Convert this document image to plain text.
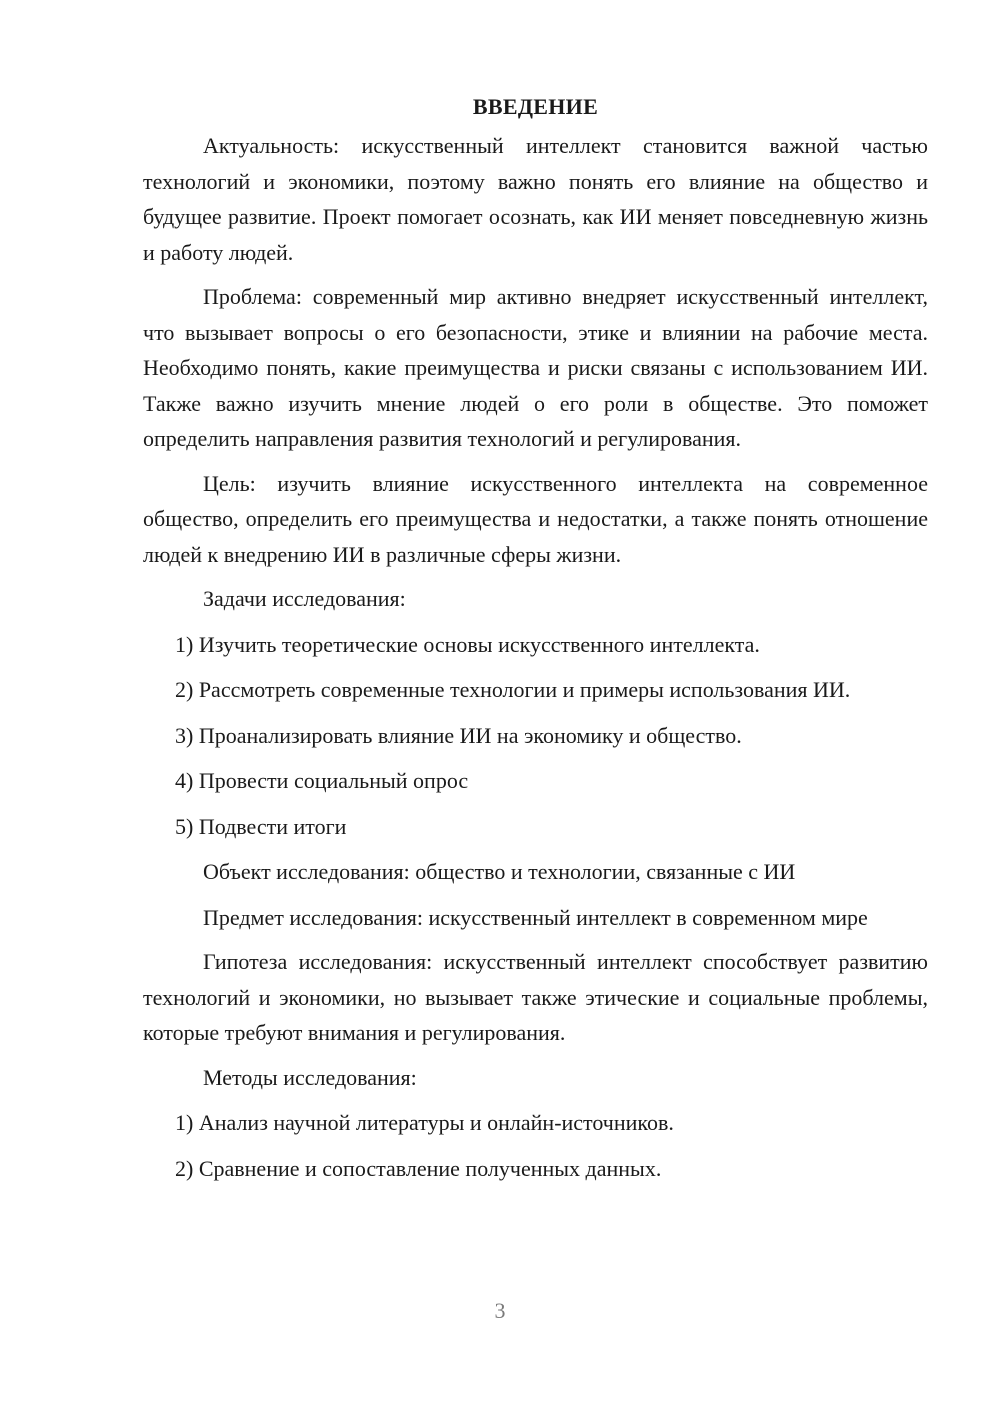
ВВЕДЕНИЕ

Актуальность: искусственный интеллект становится важной частью технологий и экономики, поэтому важно понять его влияние на общество и будущее развитие. Проект помогает осознать, как ИИ меняет повседневную жизнь и работу людей.

Проблема: современный мир активно внедряет искусственный интеллект, что вызывает вопросы о его безопасности, этике и влиянии на рабочие места. Необходимо понять, какие преимущества и риски связаны с использованием ИИ. Также важно изучить мнение людей о его роли в обществе. Это поможет определить направления развития технологий и регулирования.

Цель: изучить влияние искусственного интеллекта на современное общество, определить его преимущества и недостатки, а также понять отношение людей к внедрению ИИ в различные сферы жизни.

Задачи исследования:

1) Изучить теоретические основы искусственного интеллекта.

2) Рассмотреть современные технологии и примеры использования ИИ.

3) Проанализировать влияние ИИ на экономику и общество.

4) Провести социальный опрос

5) Подвести итоги

Объект исследования: общество и технологии, связанные с ИИ

Предмет исследования: искусственный интеллект в современном мире

Гипотеза исследования: искусственный интеллект способствует развитию технологий и экономики, но вызывает также этические и социальные проблемы, которые требуют внимания и регулирования.

Методы исследования:

1) Анализ научной литературы и онлайн-источников.

2) Сравнение и сопоставление полученных данных.

3
